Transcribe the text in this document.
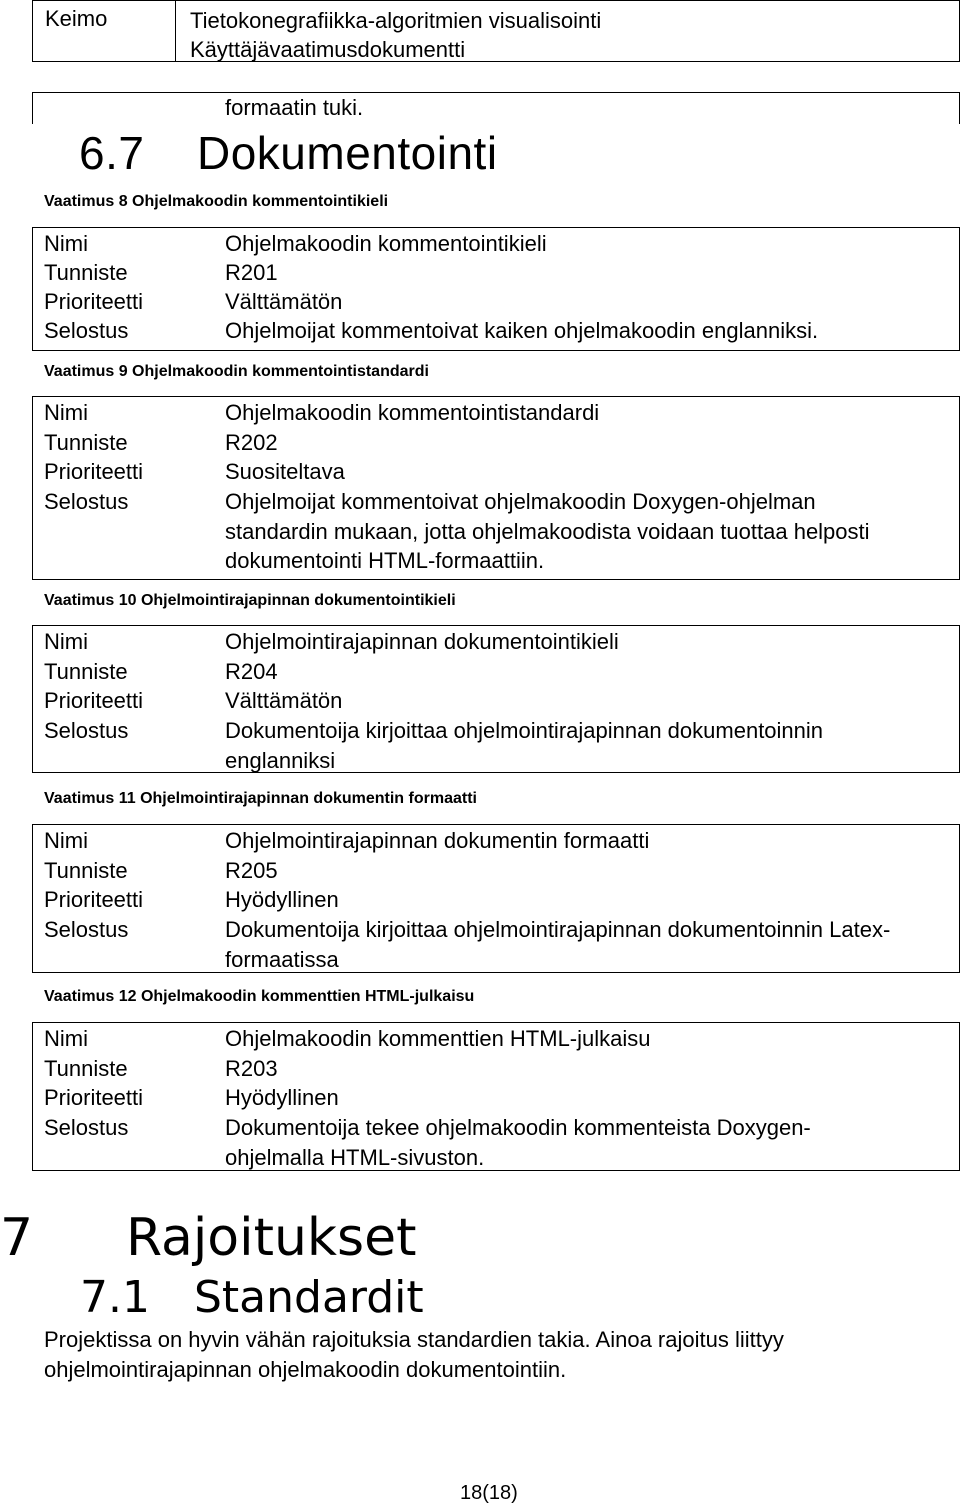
Keimo	Tietokonegrafiikka-algoritmien visualisointi
Käyttäjävaatimusdokumentti
formaatin tuki.
6.7 Dokumentointi
Vaatimus 8 Ohjelmakoodin kommentointikieli
Nimi	Ohjelmakoodin kommentointikieli
Tunniste	R201
Prioriteetti	Välttämätön
Selostus	Ohjelmoijat kommentoivat kaiken ohjelmakoodin englanniksi.
Vaatimus 9 Ohjelmakoodin kommentointistandardi
Nimi	Ohjelmakoodin kommentointistandardi
Tunniste	R202
Prioriteetti	Suositeltava
Selostus	Ohjelmoijat kommentoivat ohjelmakoodin Doxygen-ohjelman standardin mukaan, jotta ohjelmakoodista voidaan tuottaa helposti dokumentointi HTML-formaattiin.
Vaatimus 10 Ohjelmointirajapinnan dokumentointikieli
Nimi	Ohjelmointirajapinnan dokumentointikieli
Tunniste	R204
Prioriteetti	Välttämätön
Selostus	Dokumentoija kirjoittaa ohjelmointirajapinnan dokumentoinnin englanniksi
Vaatimus 11 Ohjelmointirajapinnan dokumentin formaatti
Nimi	Ohjelmointirajapinnan dokumentin formaatti
Tunniste	R205
Prioriteetti	Hyödyllinen
Selostus	Dokumentoija kirjoittaa ohjelmointirajapinnan dokumentoinnin Latex-formaatissa
Vaatimus 12 Ohjelmakoodin kommenttien HTML-julkaisu
Nimi	Ohjelmakoodin kommenttien HTML-julkaisu
Tunniste	R203
Prioriteetti	Hyödyllinen
Selostus	Dokumentoija tekee ohjelmakoodin kommenteista Doxygen-ohjelmalla HTML-sivuston.
7 Rajoitukset
7.1 Standardit
Projektissa on hyvin vähän rajoituksia standardien takia. Ainoa rajoitus liittyy ohjelmointirajapinnan ohjelmakoodin dokumentointiin.
18(18)
